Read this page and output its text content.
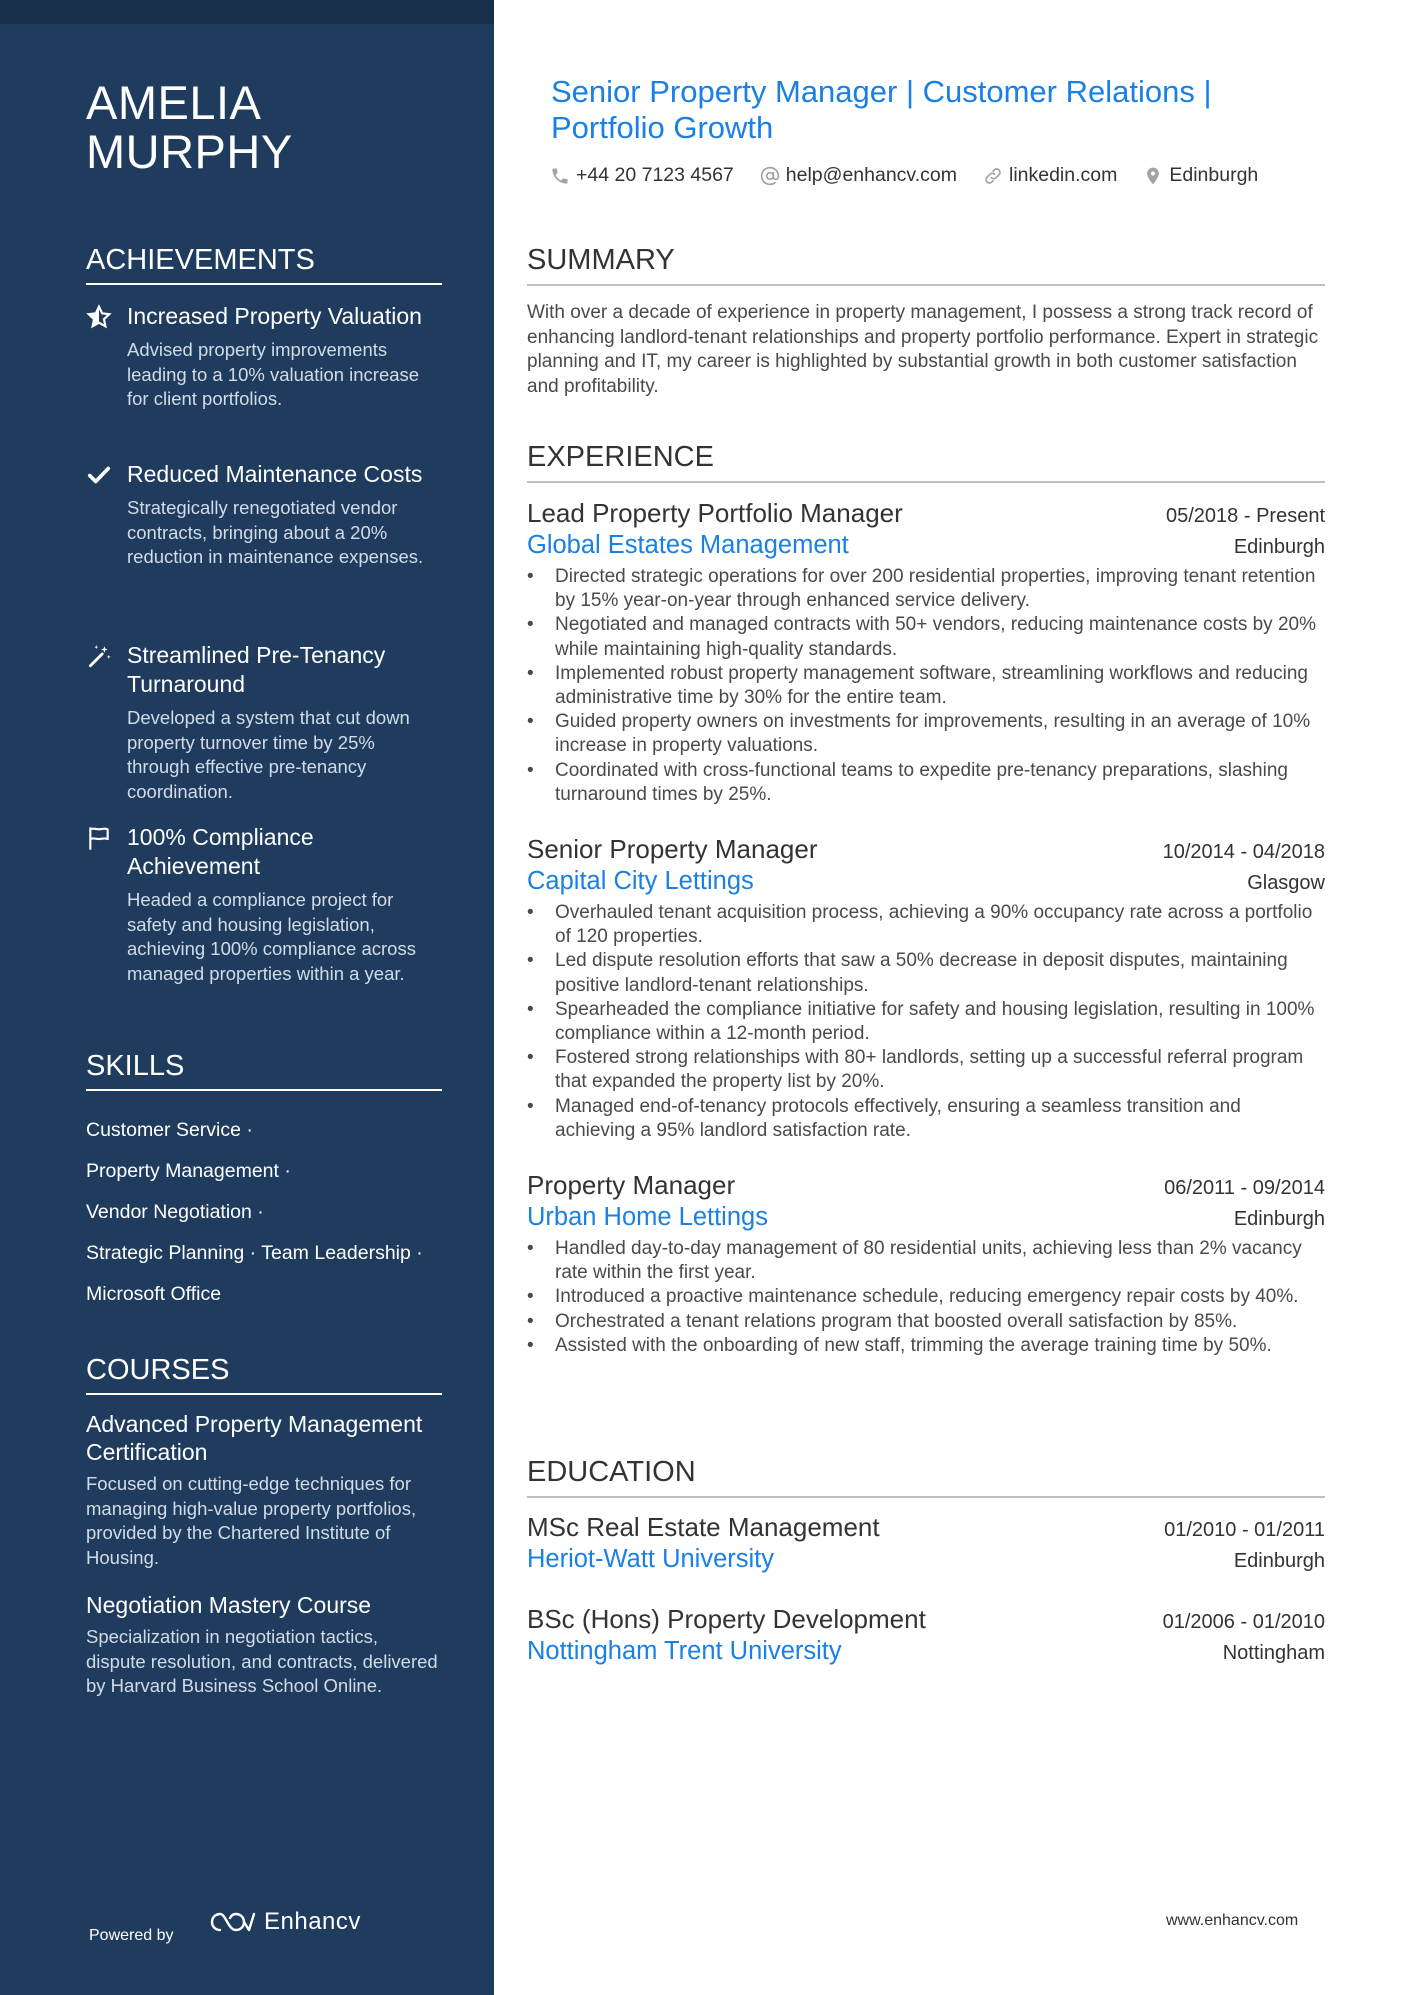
AMELIA
MURPHY
ACHIEVEMENTS
Increased Property Valuation
Advised property improvements leading to a 10% valuation increase for client portfolios.
Reduced Maintenance Costs
Strategically renegotiated vendor contracts, bringing about a 20% reduction in maintenance expenses.
Streamlined Pre-Tenancy Turnaround
Developed a system that cut down property turnover time by 25% through effective pre-tenancy coordination.
100% Compliance Achievement
Headed a compliance project for safety and housing legislation, achieving 100% compliance across managed properties within a year.
SKILLS
Customer Service ·
Property Management ·
Vendor Negotiation ·
Strategic Planning · Team Leadership ·
Microsoft Office
COURSES
Advanced Property Management Certification
Focused on cutting-edge techniques for managing high-value property portfolios, provided by the Chartered Institute of Housing.
Negotiation Mastery Course
Specialization in negotiation tactics, dispute resolution, and contracts, delivered by Harvard Business School Online.
Powered by
Enhancv
Senior Property Manager | Customer Relations | Portfolio Growth
+44 20 7123 4567	help@enhancv.com	linkedin.com	Edinburgh
SUMMARY
With over a decade of experience in property management, I possess a strong track record of enhancing landlord-tenant relationships and property portfolio performance. Expert in strategic planning and IT, my career is highlighted by substantial growth in both customer satisfaction and profitability.
EXPERIENCE
Lead Property Portfolio Manager	05/2018 - Present
Global Estates Management	Edinburgh
• Directed strategic operations for over 200 residential properties, improving tenant retention by 15% year-on-year through enhanced service delivery.
• Negotiated and managed contracts with 50+ vendors, reducing maintenance costs by 20% while maintaining high-quality standards.
• Implemented robust property management software, streamlining workflows and reducing administrative time by 30% for the entire team.
• Guided property owners on investments for improvements, resulting in an average of 10% increase in property valuations.
• Coordinated with cross-functional teams to expedite pre-tenancy preparations, slashing turnaround times by 25%.
Senior Property Manager	10/2014 - 04/2018
Capital City Lettings	Glasgow
• Overhauled tenant acquisition process, achieving a 90% occupancy rate across a portfolio of 120 properties.
• Led dispute resolution efforts that saw a 50% decrease in deposit disputes, maintaining positive landlord-tenant relationships.
• Spearheaded the compliance initiative for safety and housing legislation, resulting in 100% compliance within a 12-month period.
• Fostered strong relationships with 80+ landlords, setting up a successful referral program that expanded the property list by 20%.
• Managed end-of-tenancy protocols effectively, ensuring a seamless transition and achieving a 95% landlord satisfaction rate.
Property Manager	06/2011 - 09/2014
Urban Home Lettings	Edinburgh
• Handled day-to-day management of 80 residential units, achieving less than 2% vacancy rate within the first year.
• Introduced a proactive maintenance schedule, reducing emergency repair costs by 40%.
• Orchestrated a tenant relations program that boosted overall satisfaction by 85%.
• Assisted with the onboarding of new staff, trimming the average training time by 50%.
EDUCATION
MSc Real Estate Management	01/2010 - 01/2011
Heriot-Watt University	Edinburgh
BSc (Hons) Property Development	01/2006 - 01/2010
Nottingham Trent University	Nottingham
www.enhancv.com
